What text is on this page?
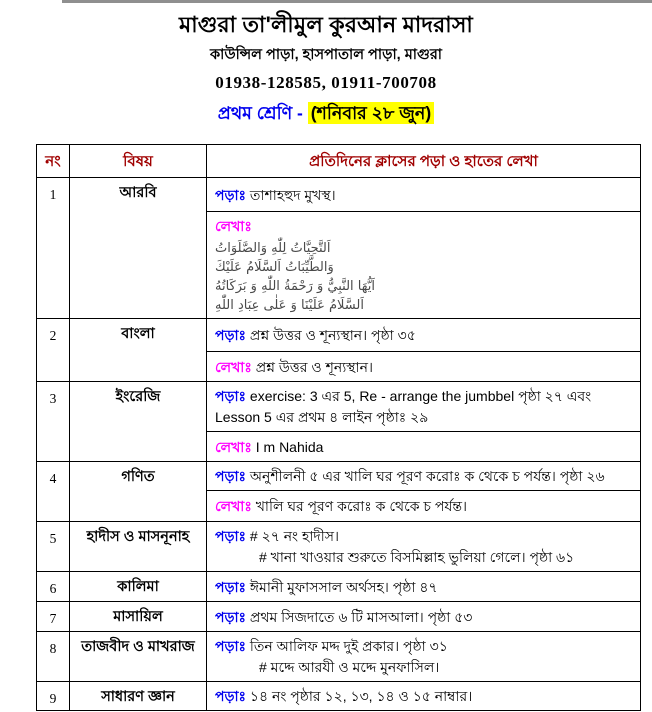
মাগুরা তা'লীমুল কুরআন মাদরাসা
কাউন্সিল পাড়া, হাসপাতাল পাড়া, মাগুরা
01938-128585, 01911-700708
প্রথম শ্রেণি - (শনিবার ২৮ জুন)
নং	বিষয়	প্রতিদিনের ক্লাসের পড়া ও হাতের লেখা
1	আরবি	পড়াঃ তাশাহহুদ মুখস্থ।

		লেখাঃ
اَلتَّحِيَّاتُ لِلّٰهِ وَالصَّلَوَاتُ
وَالطَّيِّبَاتُ اَلسَّلَامُ عَلَيْكَ
اَيُّهَا النَّبِيُّ وَ رَحْمَةُ اللّٰهِ وَ بَرَكَاتُهُ
اَلسَّلَامُ عَلَيْنَا وَ عَلٰى عِبَادِ اللّٰهِ

2	বাংলা	পড়াঃ প্রশ্ন উত্তর ও শূন্যস্থান। পৃষ্ঠা ৩৫
		লেখাঃ প্রশ্ন উত্তর ও শূন্যস্থান।
3	ইংরেজি	পড়াঃ exercise: 3 এর 5, Re - arrange the jumbbel পৃষ্ঠা ২৭ এবং Lesson 5 এর প্রথম ৪ লাইন পৃষ্ঠাঃ ২৯
		লেখাঃ I m Nahida
4	গণিত	পড়াঃ অনুশীলনী ৫ এর খালি ঘর পূরণ করোঃ ক থেকে চ পর্যন্ত। পৃষ্ঠা ২৬
		লেখাঃ খালি ঘর পূরণ করোঃ ক থেকে চ পর্যন্ত।
5	হাদীস ও মাসনূনাহ	পড়াঃ # ২৭ নং হাদীস।
# খানা খাওয়ার শুরুতে বিসমিল্লাহ ভুলিয়া গেলে। পৃষ্ঠা ৬১

6	কালিমা	পড়াঃ ঈমানী মুফাসসাল অর্থসহ। পৃষ্ঠা ৪৭
7	মাসায়িল	পড়াঃ প্রথম সিজদাতে ৬ টি মাসআলা। পৃষ্ঠা ৫৩
8	তাজবীদ ও মাখরাজ	পড়াঃ তিন আলিফ মদ্দ দুই প্রকার। পৃষ্ঠা ৩১
# মদ্দে আরযী ও মদ্দে মুনফাসিল।

9	সাধারণ জ্ঞান	পড়াঃ ১৪ নং পৃষ্ঠার ১২, ১৩, ১৪ ও ১৫ নাম্বার।
